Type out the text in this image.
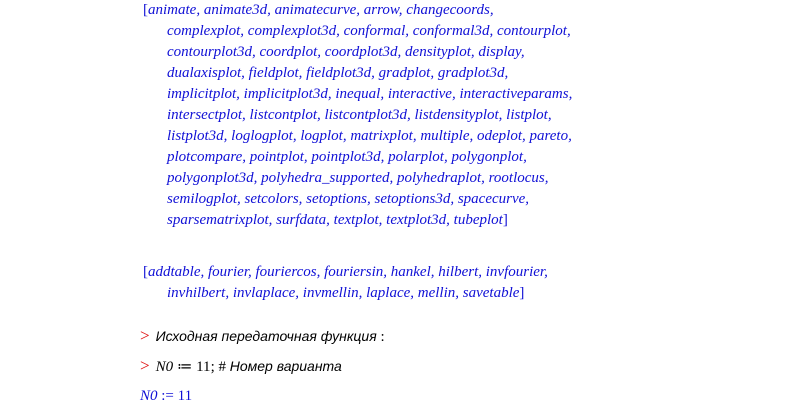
[animate, animate3d, animatecurve, arrow, changecoords,
complexplot, complexplot3d, conformal, conformal3d, contourplot,
contourplot3d, coordplot, coordplot3d, densityplot, display,
dualaxisplot, fieldplot, fieldplot3d, gradplot, gradplot3d,
implicitplot, implicitplot3d, inequal, interactive, interactiveparams,
intersectplot, listcontplot, listcontplot3d, listdensityplot, listplot,
listplot3d, loglogplot, logplot, matrixplot, multiple, odeplot, pareto,
plotcompare, pointplot, pointplot3d, polarplot, polygonplot,
polygonplot3d, polyhedra_supported, polyhedraplot, rootlocus,
semilogplot, setcolors, setoptions, setoptions3d, spacecurve,
sparsematrixplot, surfdata, textplot, textplot3d, tubeplot]
[addtable, fourier, fouriercos, fouriersin, hankel, hilbert, invfourier,
invhilbert, invlaplace, invmellin, laplace, mellin, savetable]
> Исходная передаточная функция :
> N0 ≔ 11; # Номер варианта
N0 := 11
